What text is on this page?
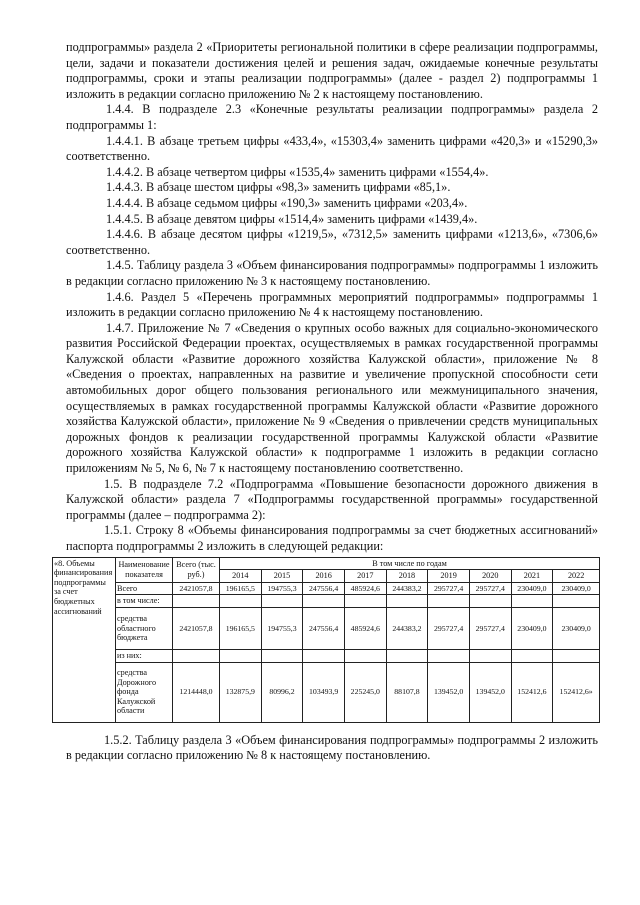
подпрограммы» раздела 2 «Приоритеты региональной политики в сфере реализации подпрограммы, цели, задачи и показатели достижения целей и решения задач, ожидаемые конечные результаты подпрограммы, сроки и этапы реализации подпрограммы» (далее - раздел 2) подпрограммы 1 изложить в редакции согласно приложению № 2 к настоящему постановлению.

1.4.4. В подразделе 2.3 «Конечные результаты реализации подпрограммы» раздела 2 подпрограммы 1:

1.4.4.1. В абзаце третьем цифры «433,4», «15303,4» заменить цифрами «420,3» и «15290,3» соответственно.

1.4.4.2. В абзаце четвертом цифры «1535,4» заменить цифрами «1554,4».

1.4.4.3. В абзаце шестом цифры «98,3» заменить цифрами «85,1».

1.4.4.4. В абзаце седьмом цифры «190,3» заменить цифрами «203,4».

1.4.4.5. В абзаце девятом цифры «1514,4» заменить цифрами «1439,4».

1.4.4.6. В абзаце десятом цифры «1219,5», «7312,5» заменить цифрами «1213,6», «7306,6» соответственно.

1.4.5. Таблицу раздела 3 «Объем финансирования подпрограммы» подпрограммы 1 изложить в редакции согласно приложению № 3 к настоящему постановлению.

1.4.6. Раздел 5 «Перечень программных мероприятий подпрограммы» подпрограммы 1 изложить в редакции согласно приложению № 4 к настоящему постановлению.

1.4.7. Приложение № 7 «Сведения о крупных особо важных для социально-экономического развития Российской Федерации проектах, осуществляемых в рамках государственной программы Калужской области «Развитие дорожного хозяйства Калужской области», приложение № 8 «Сведения о проектах, направленных на развитие и увеличение пропускной способности сети автомобильных дорог общего пользования регионального или межмуниципального значения, осуществляемых в рамках государственной программы Калужской области «Развитие дорожного хозяйства Калужской области», приложение № 9 «Сведения о привлечении средств муниципальных дорожных фондов к реализации государственной программы Калужской области «Развитие дорожного хозяйства Калужской области» к подпрограмме 1 изложить в редакции согласно приложениям № 5, № 6, № 7 к настоящему постановлению соответственно.

1.5. В подразделе 7.2 «Подпрограмма «Повышение безопасности дорожного движения в Калужской области» раздела 7 «Подпрограммы государственной программы» государственной программы (далее – подпрограмма 2):

1.5.1. Строку 8 «Объемы финансирования подпрограммы за счет бюджетных ассигнований» паспорта подпрограммы 2 изложить в следующей редакции:

«8. Объемы финансирования подпрограммы за счет бюджетных ассигнований	Наименование показателя	Всего (тыс. руб.)	В том числе по годам								
			2014	2015	2016	2017	2018	2019	2020	2021	2022
	Всего	2421057,8	196165,5	194755,3	247556,4	485924,6	244383,2	295727,4	295727,4	230409,0	230409,0
	в том числе:										
	средства областного бюджета	2421057,8	196165,5	194755,3	247556,4	485924,6	244383,2	295727,4	295727,4	230409,0	230409,0
	из них:										
	средства Дорожного фонда Калужской области	1214448,0	132875,9	80996,2	103493,9	225245,0	88107,8	139452,0	139452,0	152412,6	152412,6»

1.5.2. Таблицу раздела 3 «Объем финансирования подпрограммы» подпрограммы 2 изложить в редакции согласно приложению № 8 к настоящему постановлению.
